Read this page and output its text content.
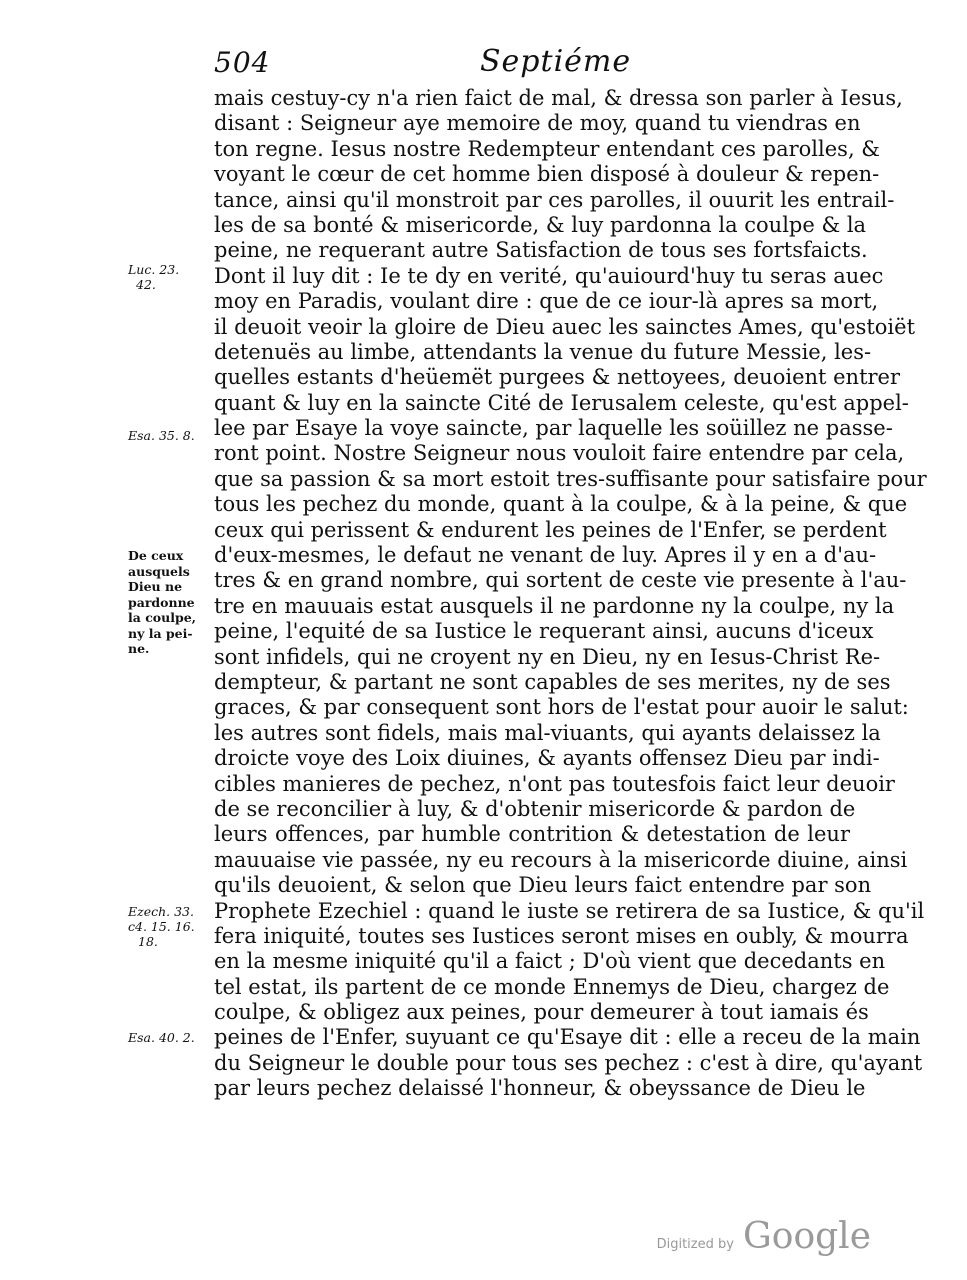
504	Septiéme
mais cestuy-cy n'a rien faict de mal, & dressa son parler à Iesus,
disant : Seigneur aye memoire de moy, quand tu viendras en
ton regne. Iesus nostre Redempteur entendant ces parolles, &
voyant le cœur de cet homme bien disposé à douleur & repen-
tance, ainsi qu'il monstroit par ces parolles, il ouurit les entrail-
les de sa bonté & misericorde, & luy pardonna la coulpe & la
peine, ne requerant autre Satisfaction de tous ses fortsfaicts.
Dont il luy dit : Ie te dy en verité, qu'auiourd'huy tu seras auec
moy en Paradis, voulant dire : que de ce iour-là apres sa mort,
il deuoit veoir la gloire de Dieu auec les sainctes Ames, qu'estoiët
detenuës au limbe, attendants la venue du future Messie, les-
quelles estants d'heüemët purgees & nettoyees, deuoient entrer
quant & luy en la saincte Cité de Ierusalem celeste, qu'est appel-
lee par Esaye la voye saincte, par laquelle les soüillez ne passe-
ront point. Nostre Seigneur nous vouloit faire entendre par cela,
que sa passion & sa mort estoit tres-suffisante pour satisfaire pour
tous les pechez du monde, quant à la coulpe, & à la peine, & que
ceux qui perissent & endurent les peines de l'Enfer, se perdent
d'eux-mesmes, le defaut ne venant de luy. Apres il y en a d'au-
tres & en grand nombre, qui sortent de ceste vie presente à l'au-
tre en mauuais estat ausquels il ne pardonne ny la coulpe, ny la
peine, l'equité de sa Iustice le requerant ainsi, aucuns d'iceux
sont infidels, qui ne croyent ny en Dieu, ny en Iesus-Christ Re-
dempteur, & partant ne sont capables de ses merites, ny de ses
graces, & par consequent sont hors de l'estat pour auoir le salut:
les autres sont fidels, mais mal-viuants, qui ayants delaissez la
droicte voye des Loix diuines, & ayants offensez Dieu par indi-
cibles manieres de pechez, n'ont pas toutesfois faict leur deuoir
de se reconcilier à luy, & d'obtenir misericorde & pardon de
leurs offences, par humble contrition & detestation de leur
mauuaise vie passée, ny eu recours à la misericorde diuine, ainsi
qu'ils deuoient, & selon que Dieu leurs faict entendre par son
Prophete Ezechiel : quand le iuste se retirera de sa Iustice, & qu'il
fera iniquité, toutes ses Iustices seront mises en oubly, & mourra
en la mesme iniquité qu'il a faict ; D'où vient que decedants en
tel estat, ils partent de ce monde Ennemys de Dieu, chargez de
coulpe, & obligez aux peines, pour demeurer à tout iamais és
peines de l'Enfer, suyuant ce qu'Esaye dit : elle a receu de la main
du Seigneur le double pour tous ses pechez : c'est à dire, qu'ayant
par leurs pechez delaissé l'honneur, & obeyssance de Dieu le
Luc. 23.
42.
Esa. 35. 8.
De ceux
ausquels
Dieu ne
pardonne
la coulpe,
ny la pei-
ne.
Ezech. 33.
c4. 15. 16.
18.
Esa. 40. 2.
Digitized by Google
